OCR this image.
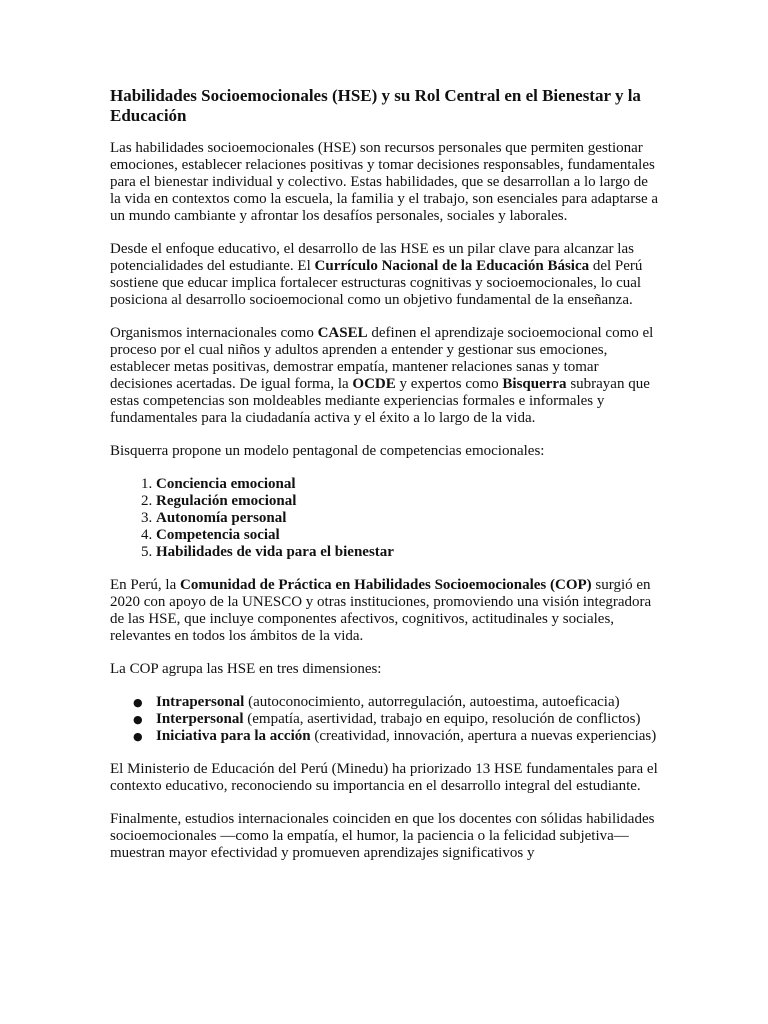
Habilidades Socioemocionales (HSE) y su Rol Central en el Bienestar y la Educación

Las habilidades socioemocionales (HSE) son recursos personales que permiten gestionar emociones, establecer relaciones positivas y tomar decisiones responsables, fundamentales para el bienestar individual y colectivo. Estas habilidades, que se desarrollan a lo largo de la vida en contextos como la escuela, la familia y el trabajo, son esenciales para adaptarse a un mundo cambiante y afrontar los desafíos personales, sociales y laborales.

Desde el enfoque educativo, el desarrollo de las HSE es un pilar clave para alcanzar las potencialidades del estudiante. El Currículo Nacional de la Educación Básica del Perú sostiene que educar implica fortalecer estructuras cognitivas y socioemocionales, lo cual posiciona al desarrollo socioemocional como un objetivo fundamental de la enseñanza.

Organismos internacionales como CASEL definen el aprendizaje socioemocional como el proceso por el cual niños y adultos aprenden a entender y gestionar sus emociones, establecer metas positivas, demostrar empatía, mantener relaciones sanas y tomar decisiones acertadas. De igual forma, la OCDE y expertos como Bisquerra subrayan que estas competencias son moldeables mediante experiencias formales e informales y fundamentales para la ciudadanía activa y el éxito a lo largo de la vida.

Bisquerra propone un modelo pentagonal de competencias emocionales:

1. Conciencia emocional
2. Regulación emocional
3. Autonomía personal
4. Competencia social
5. Habilidades de vida para el bienestar

En Perú, la Comunidad de Práctica en Habilidades Socioemocionales (COP) surgió en 2020 con apoyo de la UNESCO y otras instituciones, promoviendo una visión integradora de las HSE, que incluye componentes afectivos, cognitivos, actitudinales y sociales, relevantes en todos los ámbitos de la vida.

La COP agrupa las HSE en tres dimensiones:

● Intrapersonal (autoconocimiento, autorregulación, autoestima, autoeficacia)
● Interpersonal (empatía, asertividad, trabajo en equipo, resolución de conflictos)
● Iniciativa para la acción (creatividad, innovación, apertura a nuevas experiencias)

El Ministerio de Educación del Perú (Minedu) ha priorizado 13 HSE fundamentales para el contexto educativo, reconociendo su importancia en el desarrollo integral del estudiante.

Finalmente, estudios internacionales coinciden en que los docentes con sólidas habilidades socioemocionales —como la empatía, el humor, la paciencia o la felicidad subjetiva— muestran mayor efectividad y promueven aprendizajes significativos y
